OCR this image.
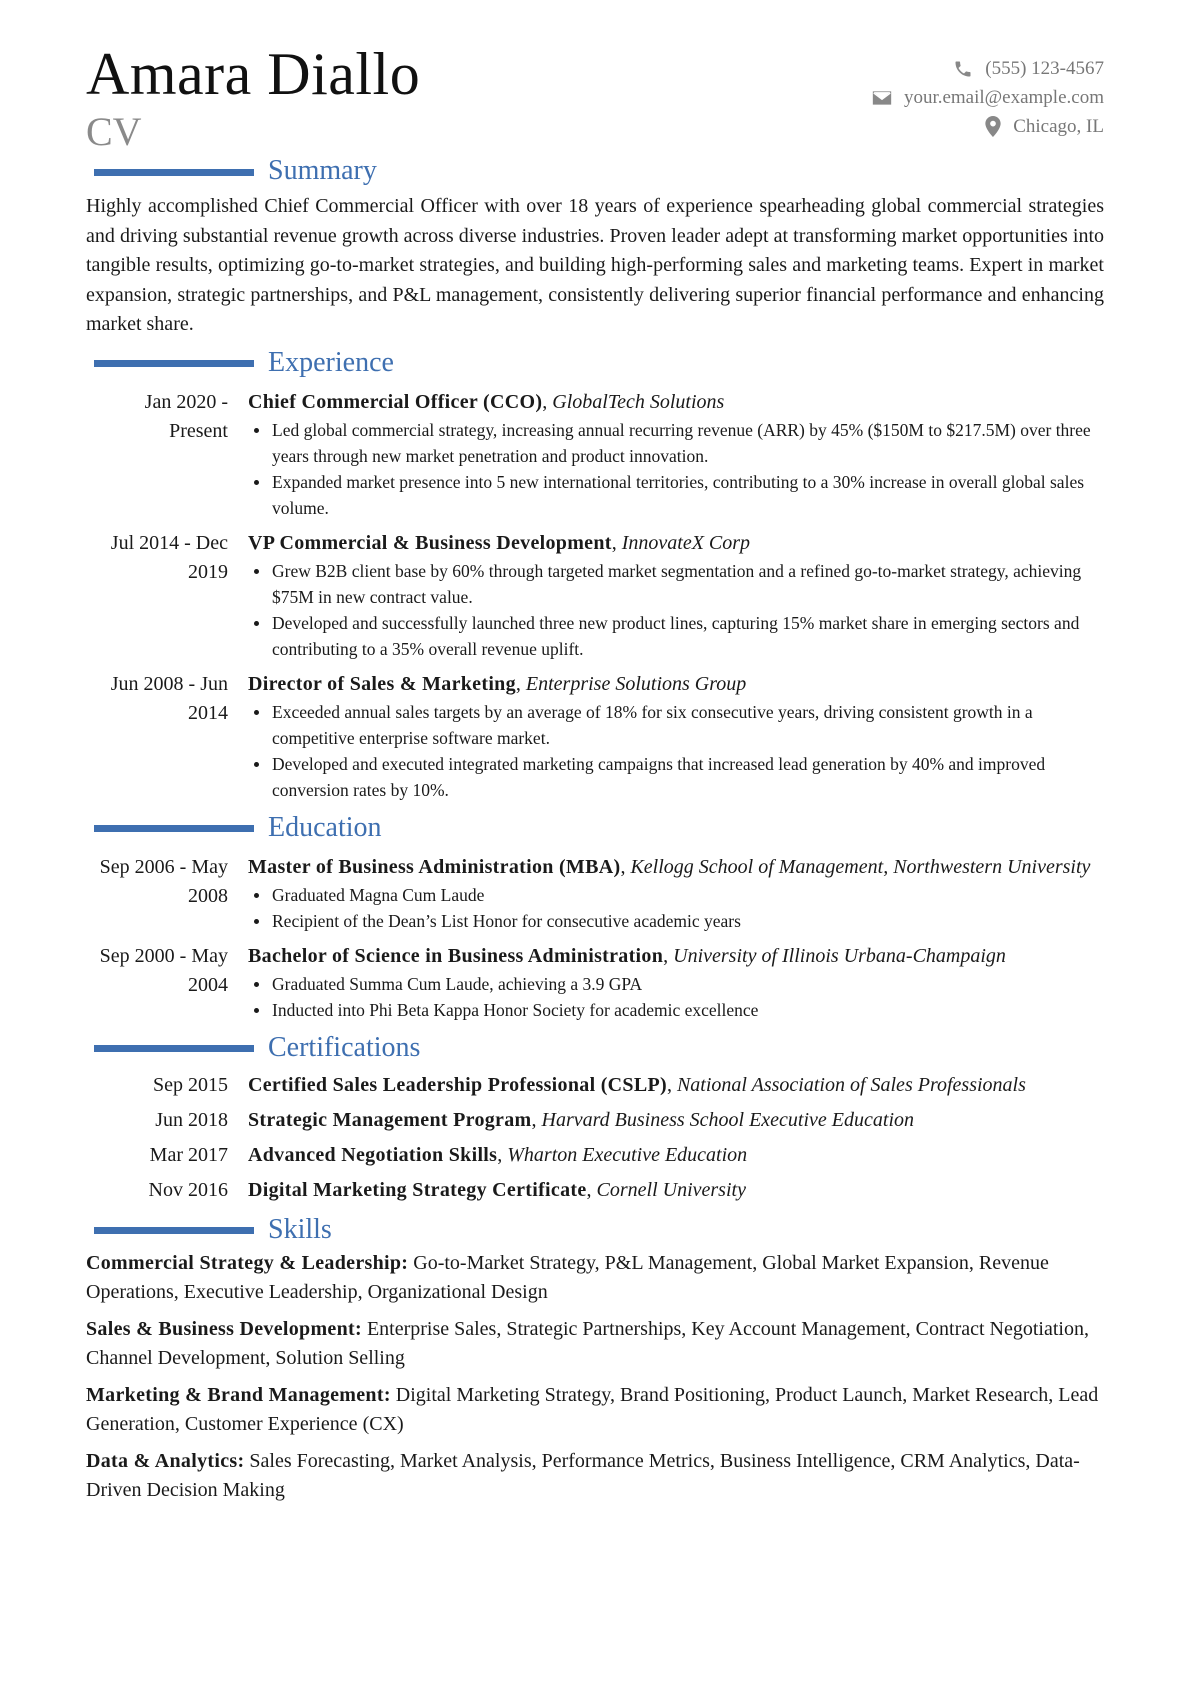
Amara Diallo
CV
(555) 123-4567
your.email@example.com
Chicago, IL
Summary

Highly accomplished Chief Commercial Officer with over 18 years of experience spearheading global commercial strategies and driving substantial revenue growth across diverse industries. Proven leader adept at transforming market opportunities into tangible results, optimizing go-to-market strategies, and building high-performing sales and marketing teams. Expert in market expansion, strategic partnerships, and P&L management, consistently delivering superior financial performance and enhancing market share.

Experience
Jan 2020 - Present
Chief Commercial Officer (CCO), GlobalTech Solutions
Led global commercial strategy, increasing annual recurring revenue (ARR) by 45% ($150M to $217.5M) over three years through new market penetration and product innovation.
Expanded market presence into 5 new international territories, contributing to a 30% increase in overall global sales volume.
Jul 2014 - Dec 2019
VP Commercial & Business Development, InnovateX Corp
Grew B2B client base by 60% through targeted market segmentation and a refined go-to-market strategy, achieving $75M in new contract value.
Developed and successfully launched three new product lines, capturing 15% market share in emerging sectors and contributing to a 35% overall revenue uplift.
Jun 2008 - Jun 2014
Director of Sales & Marketing, Enterprise Solutions Group
Exceeded annual sales targets by an average of 18% for six consecutive years, driving consistent growth in a competitive enterprise software market.
Developed and executed integrated marketing campaigns that increased lead generation by 40% and improved conversion rates by 10%.
Education
Sep 2006 - May 2008
Master of Business Administration (MBA), Kellogg School of Management, Northwestern University
Graduated Magna Cum Laude
Recipient of the Dean’s List Honor for consecutive academic years
Sep 2000 - May 2004
Bachelor of Science in Business Administration, University of Illinois Urbana-Champaign
Graduated Summa Cum Laude, achieving a 3.9 GPA
Inducted into Phi Beta Kappa Honor Society for academic excellence
Certifications
Sep 2015	Certified Sales Leadership Professional (CSLP), National Association of Sales Professionals
Jun 2018	Strategic Management Program, Harvard Business School Executive Education
Mar 2017	Advanced Negotiation Skills, Wharton Executive Education
Nov 2016	Digital Marketing Strategy Certificate, Cornell University
Skills
Commercial Strategy & Leadership: Go-to-Market Strategy, P&L Management, Global Market Expansion, Revenue Operations, Executive Leadership, Organizational Design
Sales & Business Development: Enterprise Sales, Strategic Partnerships, Key Account Management, Contract Negotiation, Channel Development, Solution Selling
Marketing & Brand Management: Digital Marketing Strategy, Brand Positioning, Product Launch, Market Research, Lead Generation, Customer Experience (CX)
Data & Analytics: Sales Forecasting, Market Analysis, Performance Metrics, Business Intelligence, CRM Analytics, Data-Driven Decision Making
